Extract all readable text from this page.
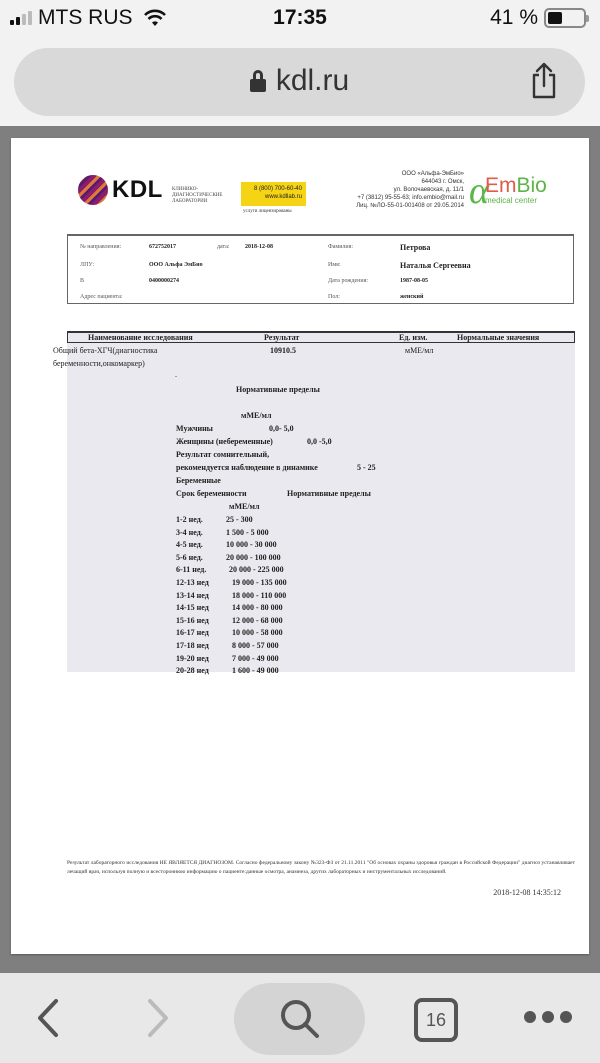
MTS RUS	17:35	41 %
kdl.ru
KDL КЛИНИКО-ДИАГНОСТИЧЕСКИЕ ЛАБОРАТОРИИ
8 (800) 700-60-40
www.kdllab.ru
услуги лицензированы
ООО «Альфа-ЭмБио»
644043 г. Омск,
ул. Волочаевская, д. 11/1
+7 (3812) 95-55-63; info.embio@mail.ru
Лиц. №ЛО-55-01-001408 от 29.05.2014 α
EmBio
medical center
№ направления:	672752017	дата:	2018-12-08
ЛПУ:	ООО Альфа ЭмБио
В	0400000274
Адрес пациента:
Фамилия:	Петрова
Имя:	Наталья Сергеевна
Дата рождения:	1987-08-05
Пол:	женский
Наименование исследования	Результат	Ед. изм.	Нормальные значения
Общий бета-ХГЧ(диагностика
беременности,онкомаркер)
10910.5	мМЕ/мл
.
Нормативные пределы
мМЕ/мл
Мужчины	0,0- 5,0
Женщины (небеременные)	0,0 -5,0
Результат сомнительный,
рекомендуется наблюдение в динамике	5 - 25
Беременные
Срок беременности	Нормативные пределы
мМЕ/мл
1-2 нед.	25 - 300
3-4 нед.	1 500 - 5 000
4-5 нед.	10 000 - 30 000
5-6 нед.	20 000 - 100 000
6-11 нед.	20 000 - 225 000
12-13 нед	19 000 - 135 000
13-14 нед	18 000 - 110 000
14-15 нед	14 000 - 80 000
15-16 нед	12 000 - 68 000
16-17 нед	10 000 - 58 000
17-18 нед	8 000 - 57 000
19-20 нед	7 000 - 49 000
20-28 нед	1 600 - 49 000
Результат лабораторного исследования НЕ ЯВЛЯЕТСЯ ДИАГНОЗОМ. Согласно федеральному закону №323-ФЗ от 21.11.2011 "Об основах охраны здоровья граждан в Российской Федерации" диагноз устанавливает лечащий врач, используя полную и всестороннюю информацию о пациенте:данные осмотра, анамнеза, других лабораторных и инструментальных исследований.
2018-12-08 14:35:12
16
